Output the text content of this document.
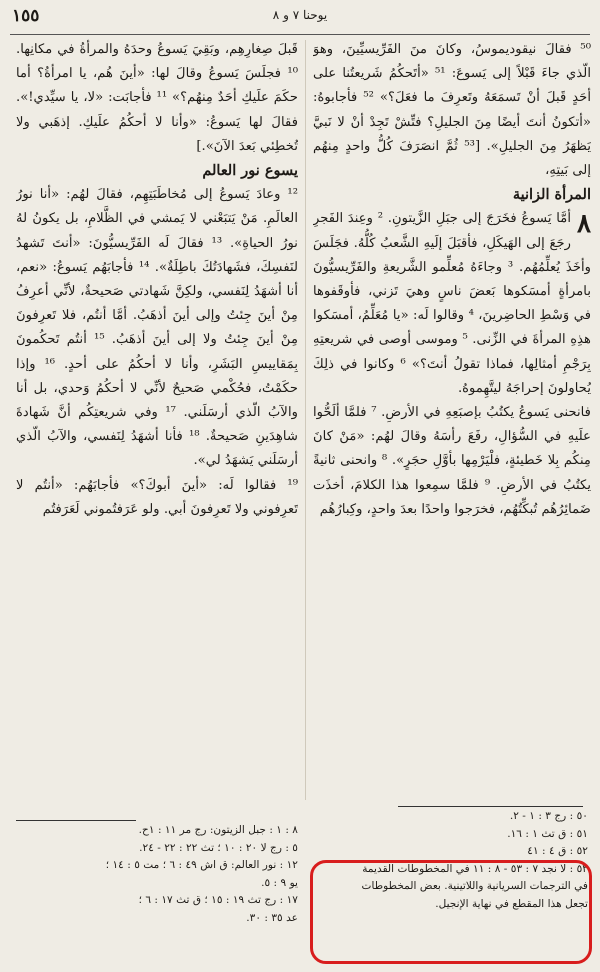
١٥٥	يوحنا ٧ و ٨

⁵⁰ فقالَ نيقوديموسُ، وكانَ منَ الفَرِّيسيِّينَ، وهوَ الّذي جاءَ قَبْلاً إلى يَسوعَ: ⁵¹ «أتَحكُمُ شَريعتُنا على أحَدٍ قَبلَ أنْ تَسمَعَهُ وتَعرِفَ ما فعَلَ؟» ⁵² فأجابوهُ: «أتكونُ أنتَ أيضًا مِنَ الجليلِ؟ فتِّشْ تَجِدْ أنْ لا نَبيَّ يَظهَرُ مِنَ الجليلِ». [⁵³ ثُمَّ انصَرَفَ كُلُّ واحدٍ مِنهُم إلى بَيتِهِ،

المرأة الزانية

٨

أمَّا يَسوعُ فخَرَجَ إلى جبَلِ الزَّيتونِ. ² وعِندَ الفَجرِ رجَعَ إلى الهَيكَلِ، فأقبَلَ إلَيهِ الشَّعبُ كُلُّهُ. فجَلَسَ وأخَذَ يُعلِّمُهُم. ³ وجاءَهُ مُعلِّمو الشَّريعةِ والفَرِّيسيُّونَ بامرأةٍ أمسَكوها بَعضَ ناسٍ وهيَ تَزني، فأوقَفوها في وَسْطِ الحاضِرينَ، ⁴ وقالوا لَه: «يا مُعَلِّمُ، أمسَكوا هذِهِ المرأةَ في الزِّنى. ⁵ وموسى أوصى في شريعتِهِ بِرَجْمِ أمثالِها، فماذا تقولُ أنتَ؟» ⁶ وكانوا في ذلِكَ يُحاولونَ إحراجَهُ ليتَّهِموهُ.

فانحنى يَسوعُ يكتُبُ بإصبَعِهِ في الأرضِ. ⁷ فلمَّا ألَحُّوا علَيهِ في السُّؤالِ، رفَعَ رأسَهُ وقالَ لهُم: «مَنْ كانَ مِنكُم بِلا خَطيئةٍ، فلْيَرْمِها بأوَّلِ حجَرٍ». ⁸ وانحنى ثانيةً يكتُبُ في الأرضِ. ⁹ فلمَّا سمِعوا هذا الكلامَ، أخذَت ضَمائِرُهُم تُبكِّتُهُم، فخرَجوا واحدًا بعدَ واحدٍ، وكِبارُهُم

قَبلَ صِغارِهِم، وبَقِيَ يَسوعُ وحدَهُ والمرأةُ في مكانِها. ¹⁰ فجلَسَ يَسوعُ وقالَ لها: «أينَ هُم، يا امرأةُ؟ أما حكَمَ علَيكِ أحَدٌ مِنهُم؟» ¹¹ فأجابَت: «لا، يا سيِّدي!». فقالَ لها يَسوعُ: «وأنا لا أحكُمُ علَيكِ. إذهَبي ولا تُخطِئي بَعدَ الآنَ».]

يسوع نور العالم

¹² وعادَ يَسوعُ إلى مُخاطَبَتِهِم، فقالَ لهُم: «أنا نورُ العالَمِ. مَنْ يَتبَعْني لا يَمشي في الظَّلامِ، بل يكونُ لهُ نورُ الحياةِ». ¹³ فقالَ لَه الفَرِّيسيُّونَ: «أنتَ تَشهدُ لنَفسِكَ، فشَهادَتُكَ باطِلَةٌ». ¹⁴ فأجابَهُم يَسوعُ: «نعم، أنا أشهَدُ لِنَفسي، ولكِنَّ شَهادتي صَحيحةٌ، لأنِّي أعرِفُ مِنْ أينَ جِئتُ وإلى أينَ أذهَبُ. أمَّا أنتُم، فلا تَعرِفونَ مِنْ أينَ جِئتُ ولا إلى أينَ أذهَبُ. ¹⁵ أنتُم تَحكُمونَ بِمَقاييسِ البَشَرِ، وأنا لا أحكُمُ على أحدٍ. ¹⁶ وإذا حكَمْتُ، فحُكْمي صَحيحٌ لأنِّي لا أحكُمُ وَحدي، بل أنا والآبُ الّذي أرسَلَني. ¹⁷ وفي شريعتِكُم أنَّ شَهادةَ شاهِدَينِ صَحيحةٌ. ¹⁸ فأنا أشهَدُ لِنَفسي، والآبُ الّذي أرسَلَني يَشهَدُ لي».

¹⁹ فقالوا لَه: «أينَ أبوكَ؟» فأجابَهُم: «أنتُم لا تَعرِفوني ولا تَعرِفونَ أبي. ولو عَرَفتُموني لَعَرَفتُم

٨ : ١ : جبل الزيتون: رج مر ١١ : ١ح.

٥ : رج لا ٢٠ : ١٠ ؛ تث ٢٢ : ٢٢ - ٢٤.

١٢ : نور العالم: ق اش ٤٩ : ٦ ؛ مت ٥ : ١٤ ؛

يو ٩ : ٥.

١٧ : رج تث ١٩ : ١٥ ؛ ق تث ١٧ : ٦ ؛

عد ٣٥ : ٣٠.

٥٠ : رج ٣ : ١ - ٢.

٥١ : ق تث ١ : ١٦.

٥٢ : ق ٤ : ٤١

٥٣ : لا نجد ٧ : ٥٣ - ٨ : ١١ في المخطوطات القديمة

في الترجمات السريانية واللاتينية. بعض المخطوطات

تجعل هذا المقطع في نهاية الإنجيل.
